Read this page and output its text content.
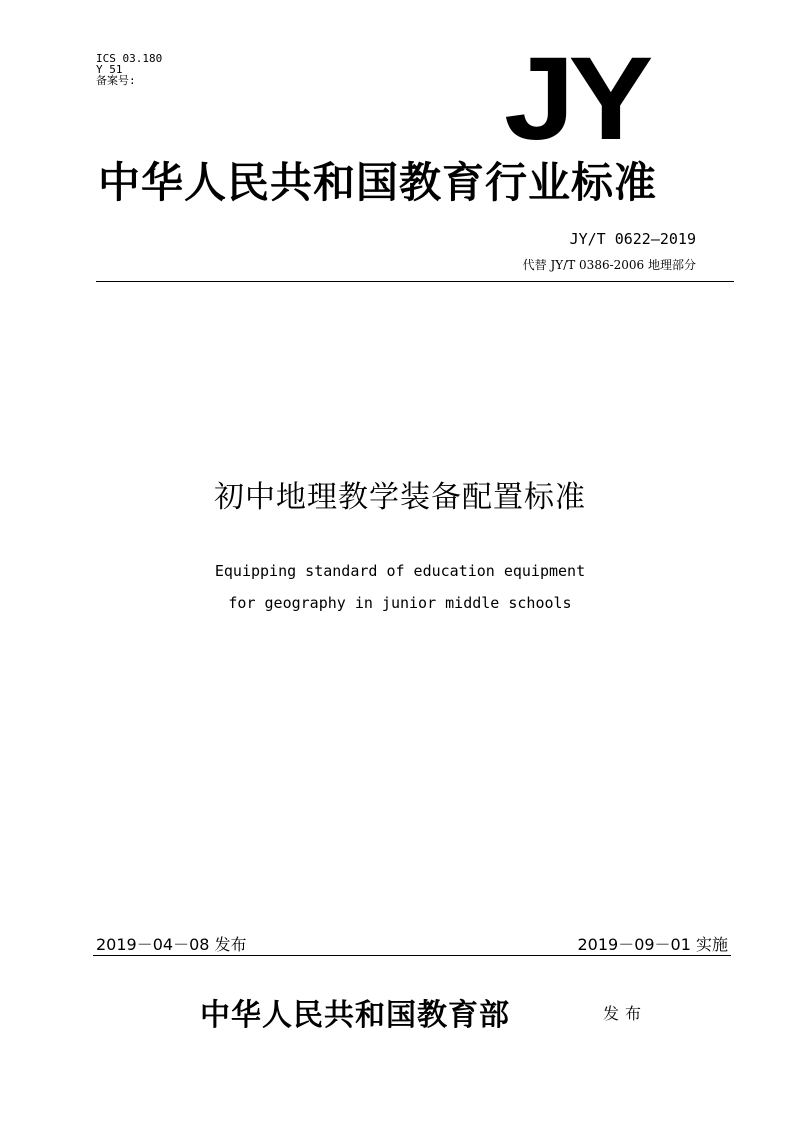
ICS 03.180
Y 51
备案号:	JY
中华人民共和国教育行业标准
JY/T 0622—2019
代替 JY/T 0386-2006 地理部分
初中地理教学装备配置标准
Equipping standard of education equipment
for geography in junior middle schools
2019－04－08 发布	2019－09－01 实施
中华人民共和国教育部	发布
